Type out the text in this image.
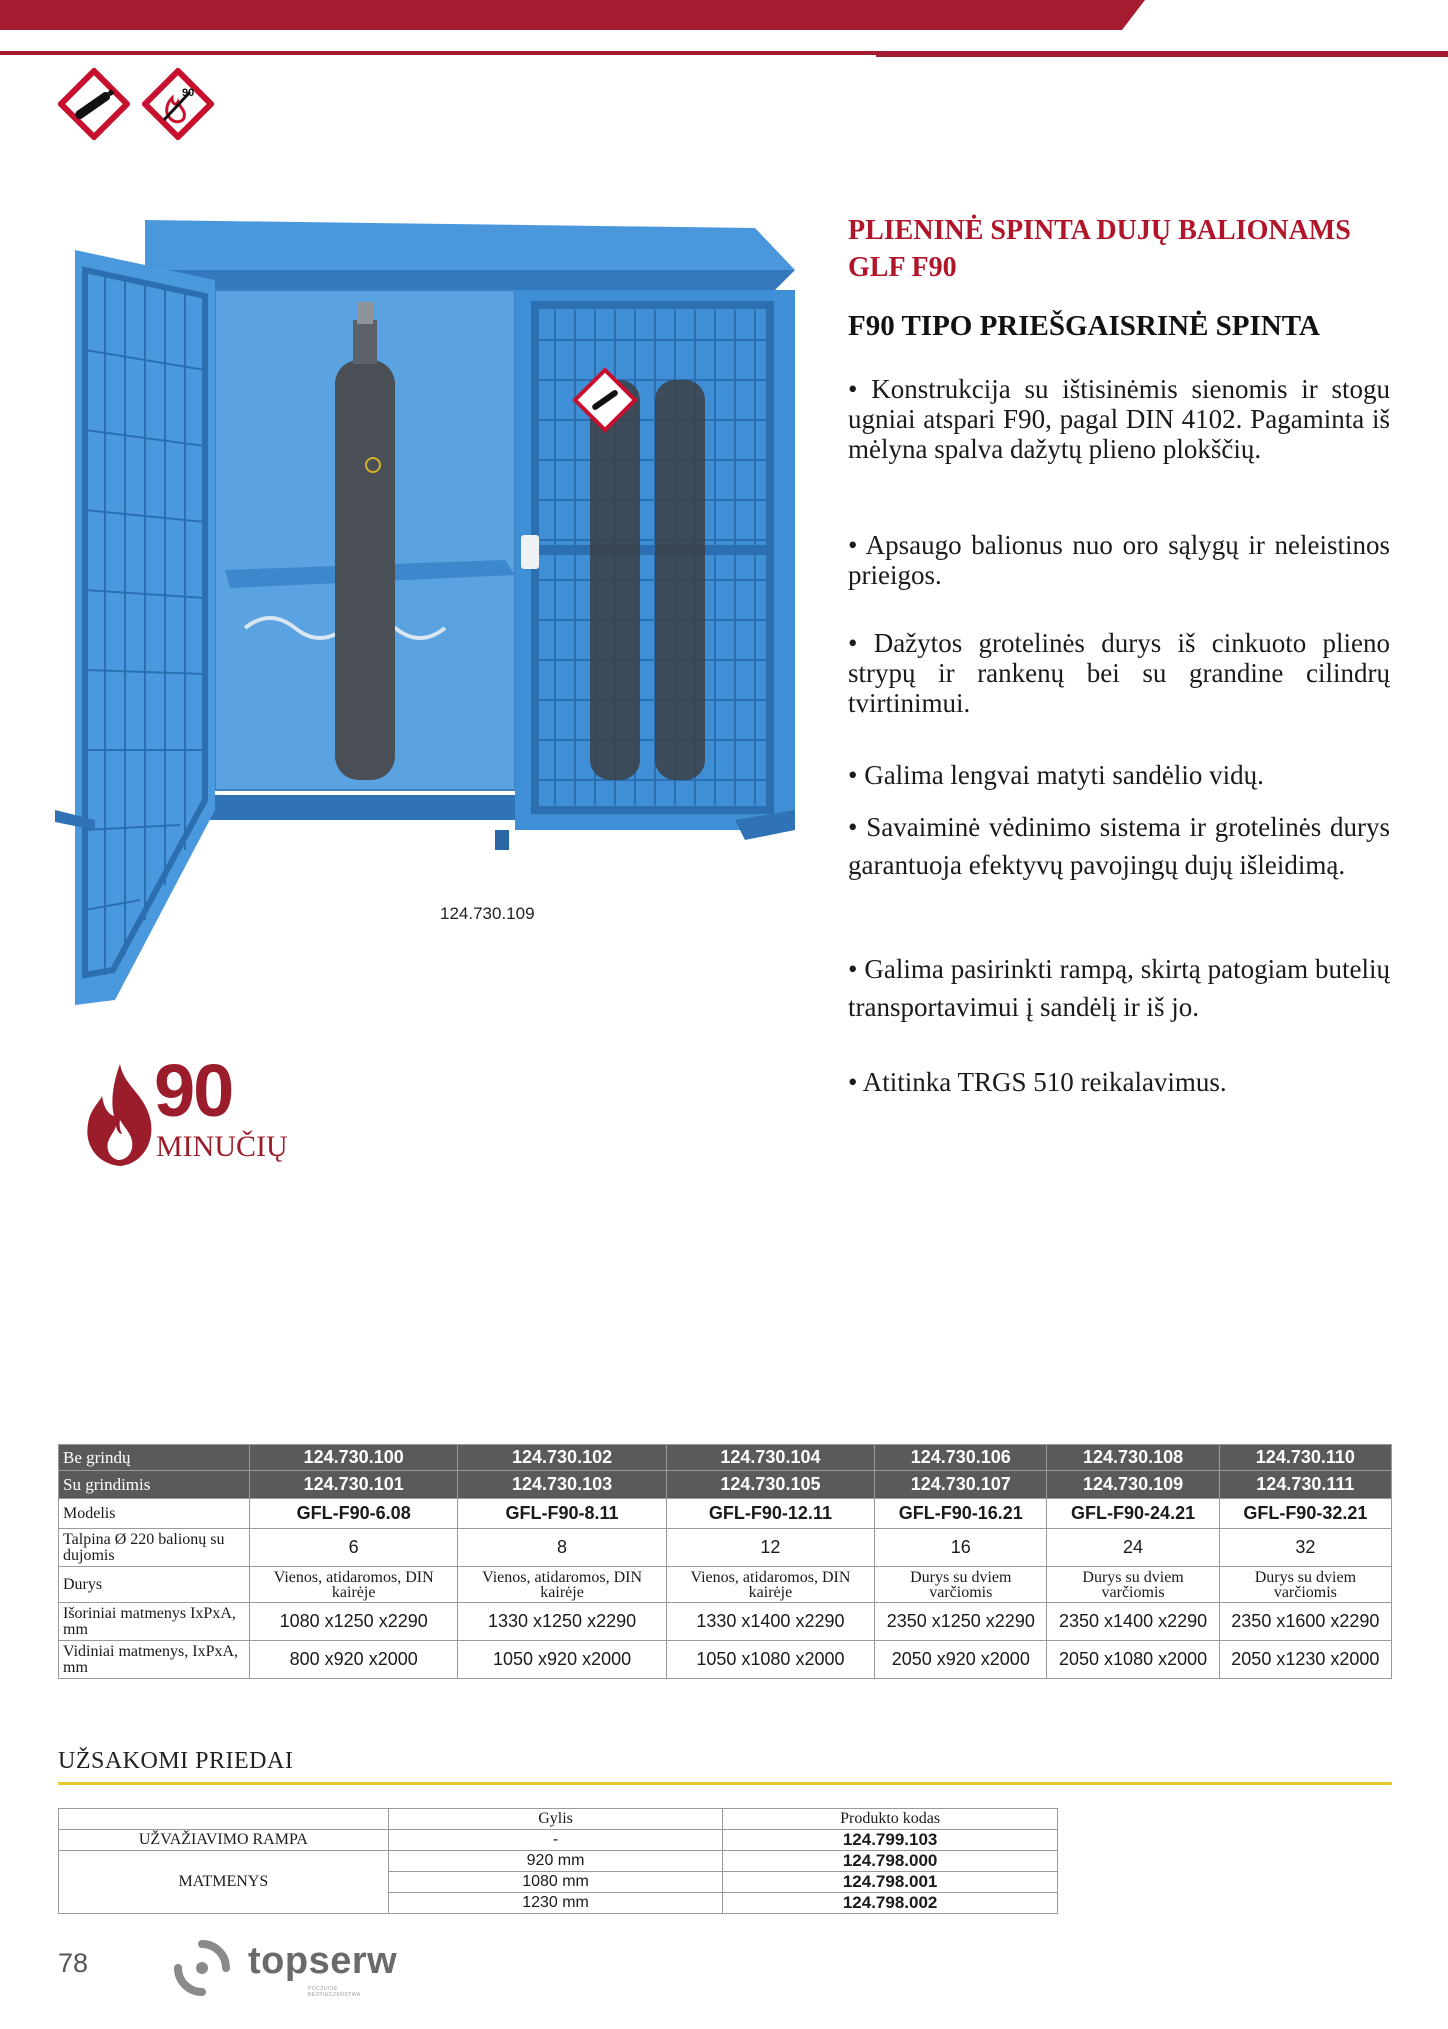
90
124.730.109
90
MINUČIŲ
PLIENINĖ SPINTA DUJŲ BALIONAMS GLF F90
F90 TIPO PRIEŠGAISRINĖ SPINTA

• Konstrukcija su ištisinėmis sienomis ir stogu ugniai atspari F90, pagal DIN 4102. Pagaminta iš mėlyna spalva dažytų plieno plokščių.

• Apsaugo balionus nuo oro sąlygų ir neleistinos prieigos.

• Dažytos grotelinės durys iš cinkuoto plieno strypų ir rankenų bei su grandine cilindrų tvirtinimui.

• Galima lengvai matyti sandėlio vidų.

• Savaiminė vėdinimo sistema ir grotelinės durys garantuoja efektyvų pavojingų dujų išleidimą.

• Galima pasirinkti rampą, skirtą patogiam butelių transportavimui į sandėlį ir iš jo.

• Atitinka TRGS 510 reikalavimus.

Be grindų	124.730.100	124.730.102	124.730.104	124.730.106	124.730.108	124.730.110
Su grindimis	124.730.101	124.730.103	124.730.105	124.730.107	124.730.109	124.730.111
Modelis	GFL-F90-6.08	GFL-F90-8.11	GFL-F90-12.11	GFL-F90-16.21	GFL-F90-24.21	GFL-F90-32.21
Talpina Ø 220 balionų su dujomis	6	8	12	16	24	32
Durys	Vienos, atidaromos, DIN kairėje	Vienos, atidaromos, DIN kairėje	Vienos, atidaromos, DIN kairėje	Durys su dviem varčiomis	Durys su dviem varčiomis	Durys su dviem varčiomis
Išoriniai matmenys IxPxA, mm	1080 x1250 x2290	1330 x1250 x2290	1330 x1400 x2290	2350 x1250 x2290	2350 x1400 x2290	2350 x1600 x2290
Vidiniai matmenys, IxPxA, mm	800 x920 x2000	1050 x920 x2000	1050 x1080 x2000	2050 x920 x2000	2050 x1080 x2000	2050 x1230 x2000
UŽSAKOMI PRIEDAI
	Gylis	Produkto kodas
UŽVAŽIAVIMO RAMPA	-	124.799.103
MATMENYS	920 mm	124.798.000
	1080 mm	124.798.001
	1230 mm	124.798.002
78	topserw
POCZUCIE BEZPIECZEŃSTWA
